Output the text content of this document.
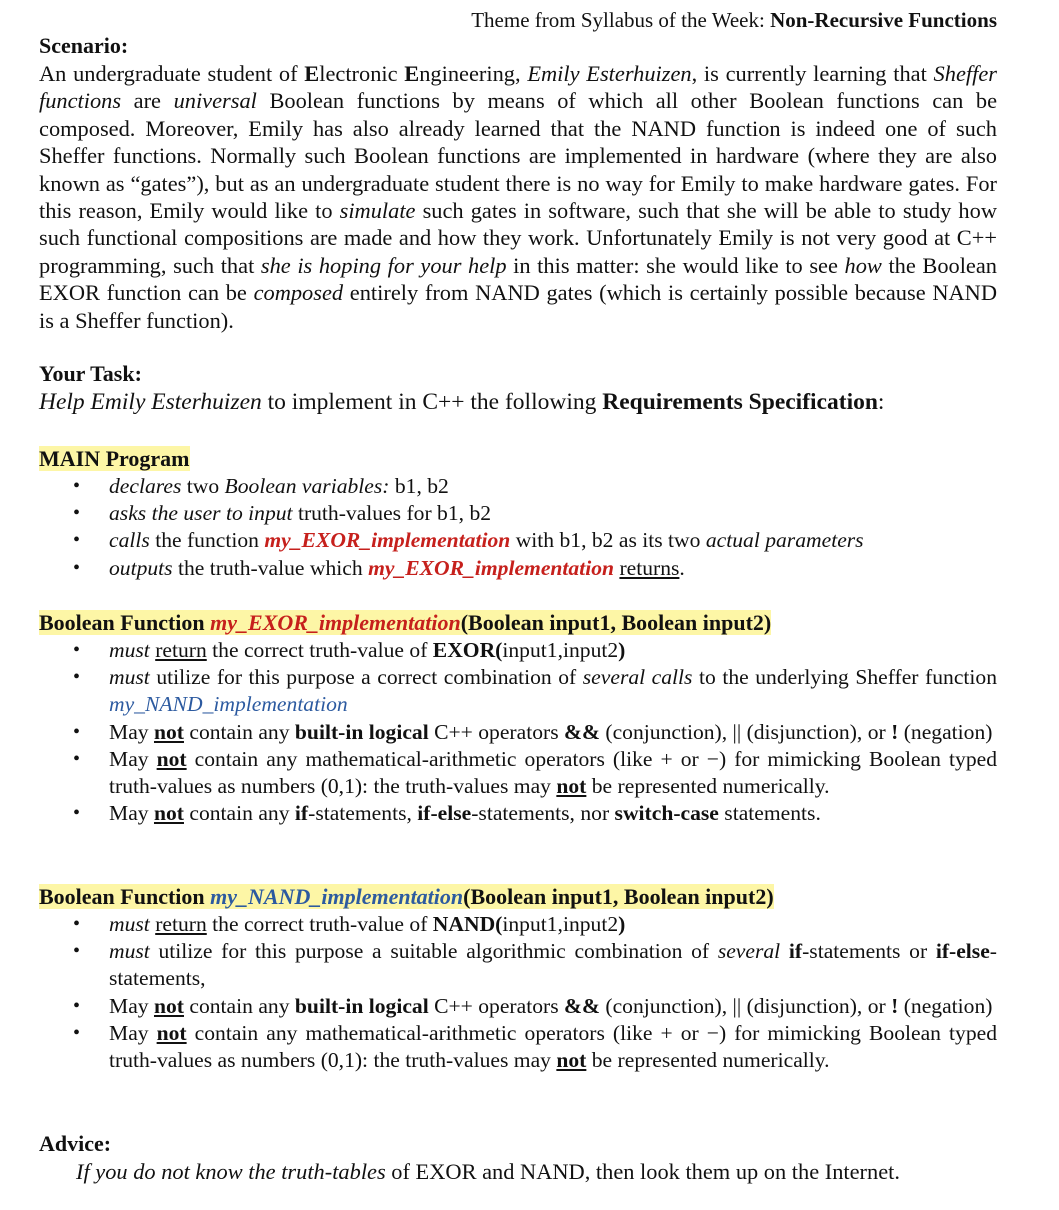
Theme from Syllabus of the Week: Non-Recursive Functions
Scenario:
An undergraduate student of Electronic Engineering, Emily Esterhuizen, is currently learning that Sheffer functions are universal Boolean functions by means of which all other Boolean functions can be composed. Moreover, Emily has also already learned that the NAND function is indeed one of such Sheffer functions. Normally such Boolean functions are implemented in hardware (where they are also known as “gates”), but as an undergraduate student there is no way for Emily to make hardware gates. For this reason, Emily would like to simulate such gates in software, such that she will be able to study how such functional compositions are made and how they work. Unfortunately Emily is not very good at C++ programming, such that she is hoping for your help in this matter: she would like to see how the Boolean EXOR function can be composed entirely from NAND gates (which is certainly possible because NAND is a Sheffer function).
Your Task:
Help Emily Esterhuizen to implement in C++ the following Requirements Specification:
MAIN Program
• declares two Boolean variables: b1, b2
• asks the user to input truth-values for b1, b2
• calls the function my_EXOR_implementation with b1, b2 as its two actual parameters
• outputs the truth-value which my_EXOR_implementation returns.
Boolean Function my_EXOR_implementation(Boolean input1, Boolean input2)
• must return the correct truth-value of EXOR(input1,input2)
• must utilize for this purpose a correct combination of several calls to the underlying Sheffer function my_NAND_implementation
• May not contain any built-in logical C++ operators && (conjunction), || (disjunction), or ! (negation)
• May not contain any mathematical-arithmetic operators (like + or −) for mimicking Boolean typed truth-values as numbers (0,1): the truth-values may not be represented numerically.
• May not contain any if-statements, if-else-statements, nor switch-case statements.
Boolean Function my_NAND_implementation(Boolean input1, Boolean input2)
• must return the correct truth-value of NAND(input1,input2)
• must utilize for this purpose a suitable algorithmic combination of several if-statements or if-else-statements,
• May not contain any built-in logical C++ operators && (conjunction), || (disjunction), or ! (negation)
• May not contain any mathematical-arithmetic operators (like + or −) for mimicking Boolean typed truth-values as numbers (0,1): the truth-values may not be represented numerically.
Advice:
If you do not know the truth-tables of EXOR and NAND, then look them up on the Internet.
